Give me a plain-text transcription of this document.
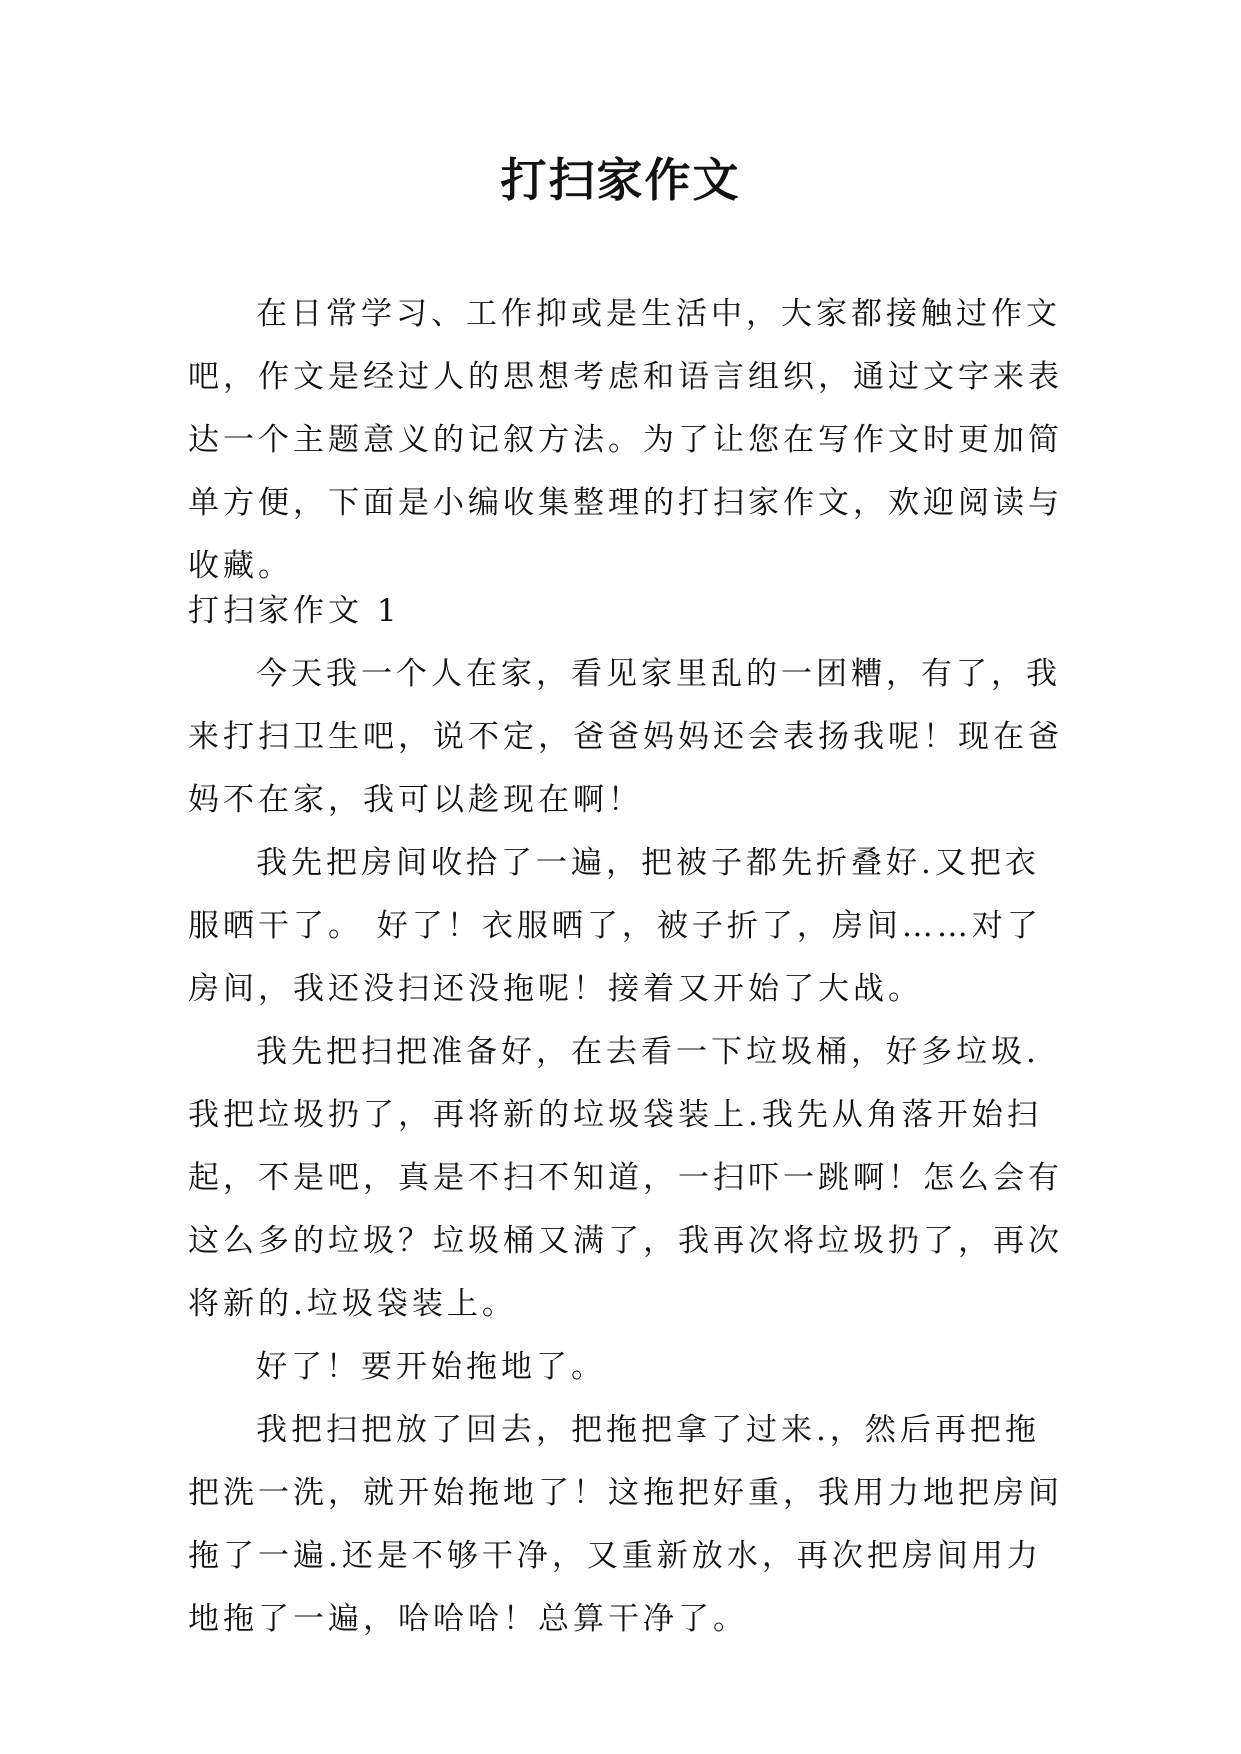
打扫家作文

在日常学习、工作抑或是生活中，大家都接触过作文吧，作文是经过人的思想考虑和语言组织，通过文字来表达一个主题意义的记叙方法。为了让您在写作文时更加简单方便，下面是小编收集整理的打扫家作文，欢迎阅读与收藏。

打扫家作文 1

今天我一个人在家，看见家里乱的一团糟，有了，我来打扫卫生吧，说不定，爸爸妈妈还会表扬我呢！现在爸妈不在家，我可以趁现在啊！

我先把房间收拾了一遍，把被子都先折叠好.又把衣服晒干了。 好了！衣服晒了，被子折了，房间……对了房间，我还没扫还没拖呢！接着又开始了大战。

我先把扫把准备好，在去看一下垃圾桶，好多垃圾.我把垃圾扔了，再将新的垃圾袋装上.我先从角落开始扫起，不是吧，真是不扫不知道，一扫吓一跳啊！怎么会有这么多的垃圾？垃圾桶又满了，我再次将垃圾扔了，再次将新的.垃圾袋装上。

好了！要开始拖地了。

我把扫把放了回去，把拖把拿了过来.，然后再把拖把洗一洗，就开始拖地了！这拖把好重，我用力地把房间拖了一遍.还是不够干净，又重新放水，再次把房间用力地拖了一遍，哈哈哈！总算干净了。
